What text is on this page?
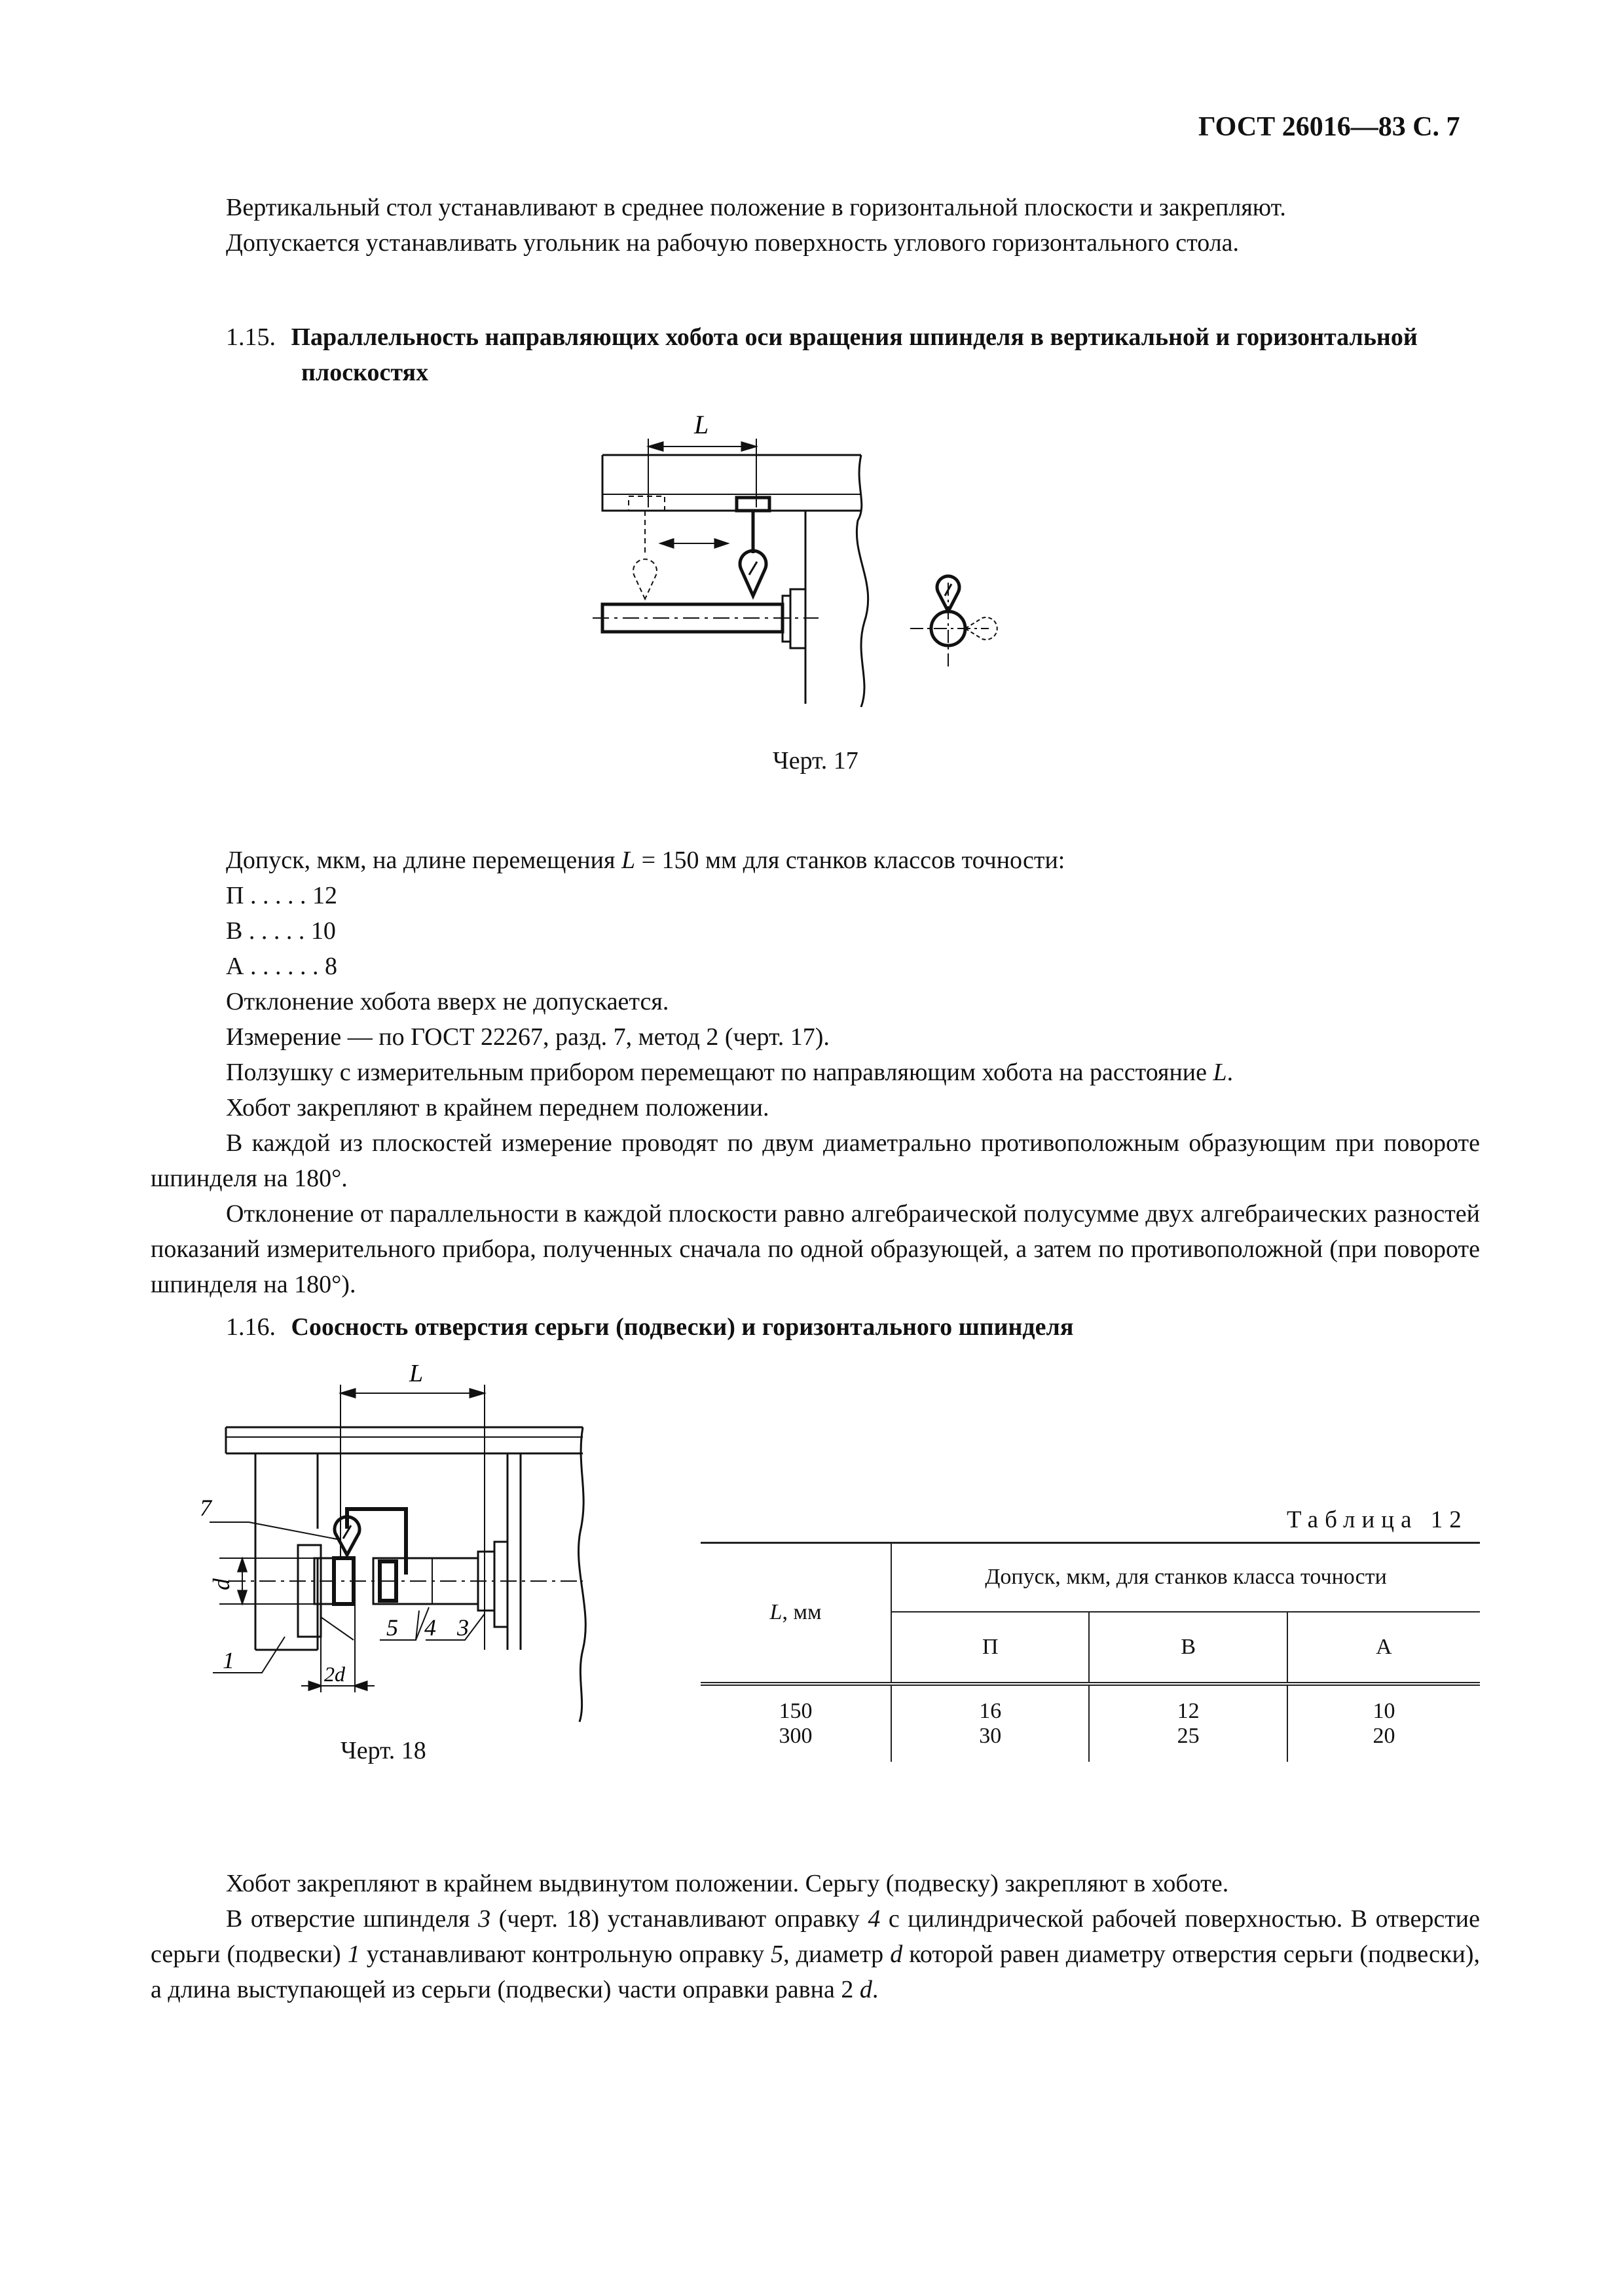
ГОСТ 26016—83 С. 7

Вертикальный стол устанавливают в среднее положение в горизонтальной плоскости и закрепляют.

Допускается устанавливать угольник на рабочую поверхность углового горизонтального стола.

1.15. Параллельность направляющих хобота оси вращения шпинделя в вертикальной и горизонтальной плоскостях

L
Черт. 17

Допуск, мкм, на длине перемещения L = 150 мм для станков классов точности:

П . . . . . 12
В . . . . . 10
А . . . . . . 8

Отклонение хобота вверх не допускается.

Измерение — по ГОСТ 22267, разд. 7, метод 2 (черт. 17).

Ползушку с измерительным прибором перемещают по направляющим хобота на расстояние L.

Хобот закрепляют в крайнем переднем положении.

В каждой из плоскостей измерение проводят по двум диаметрально противоположным образующим при повороте шпинделя на 180°.

Отклонение от параллельности в каждой плоскости равно алгебраической полусумме двух алгебраических разностей показаний измерительного прибора, полученных сначала по одной образующей, а затем по противоположной (при повороте шпинделя на 180°).

1.16. Соосность отверстия серьги (подвески) и горизонтального шпинделя

L
7
d
1
2d
5 4 3
Черт. 18
Таблица 12
L, мм	Допуск, мкм, для станков класса точности		
	П	В	А
150	16	12	10
300	30	25	20

Хобот закрепляют в крайнем выдвинутом положении. Серьгу (подвеску) закрепляют в хоботе.

В отверстие шпинделя 3 (черт. 18) устанавливают оправку 4 с цилиндрической рабочей поверхностью. В отверстие серьги (подвески) 1 устанавливают контрольную оправку 5, диаметр d которой равен диаметру отверстия серьги (подвески), а длина выступающей из серьги (подвески) части оправки равна 2 d.
